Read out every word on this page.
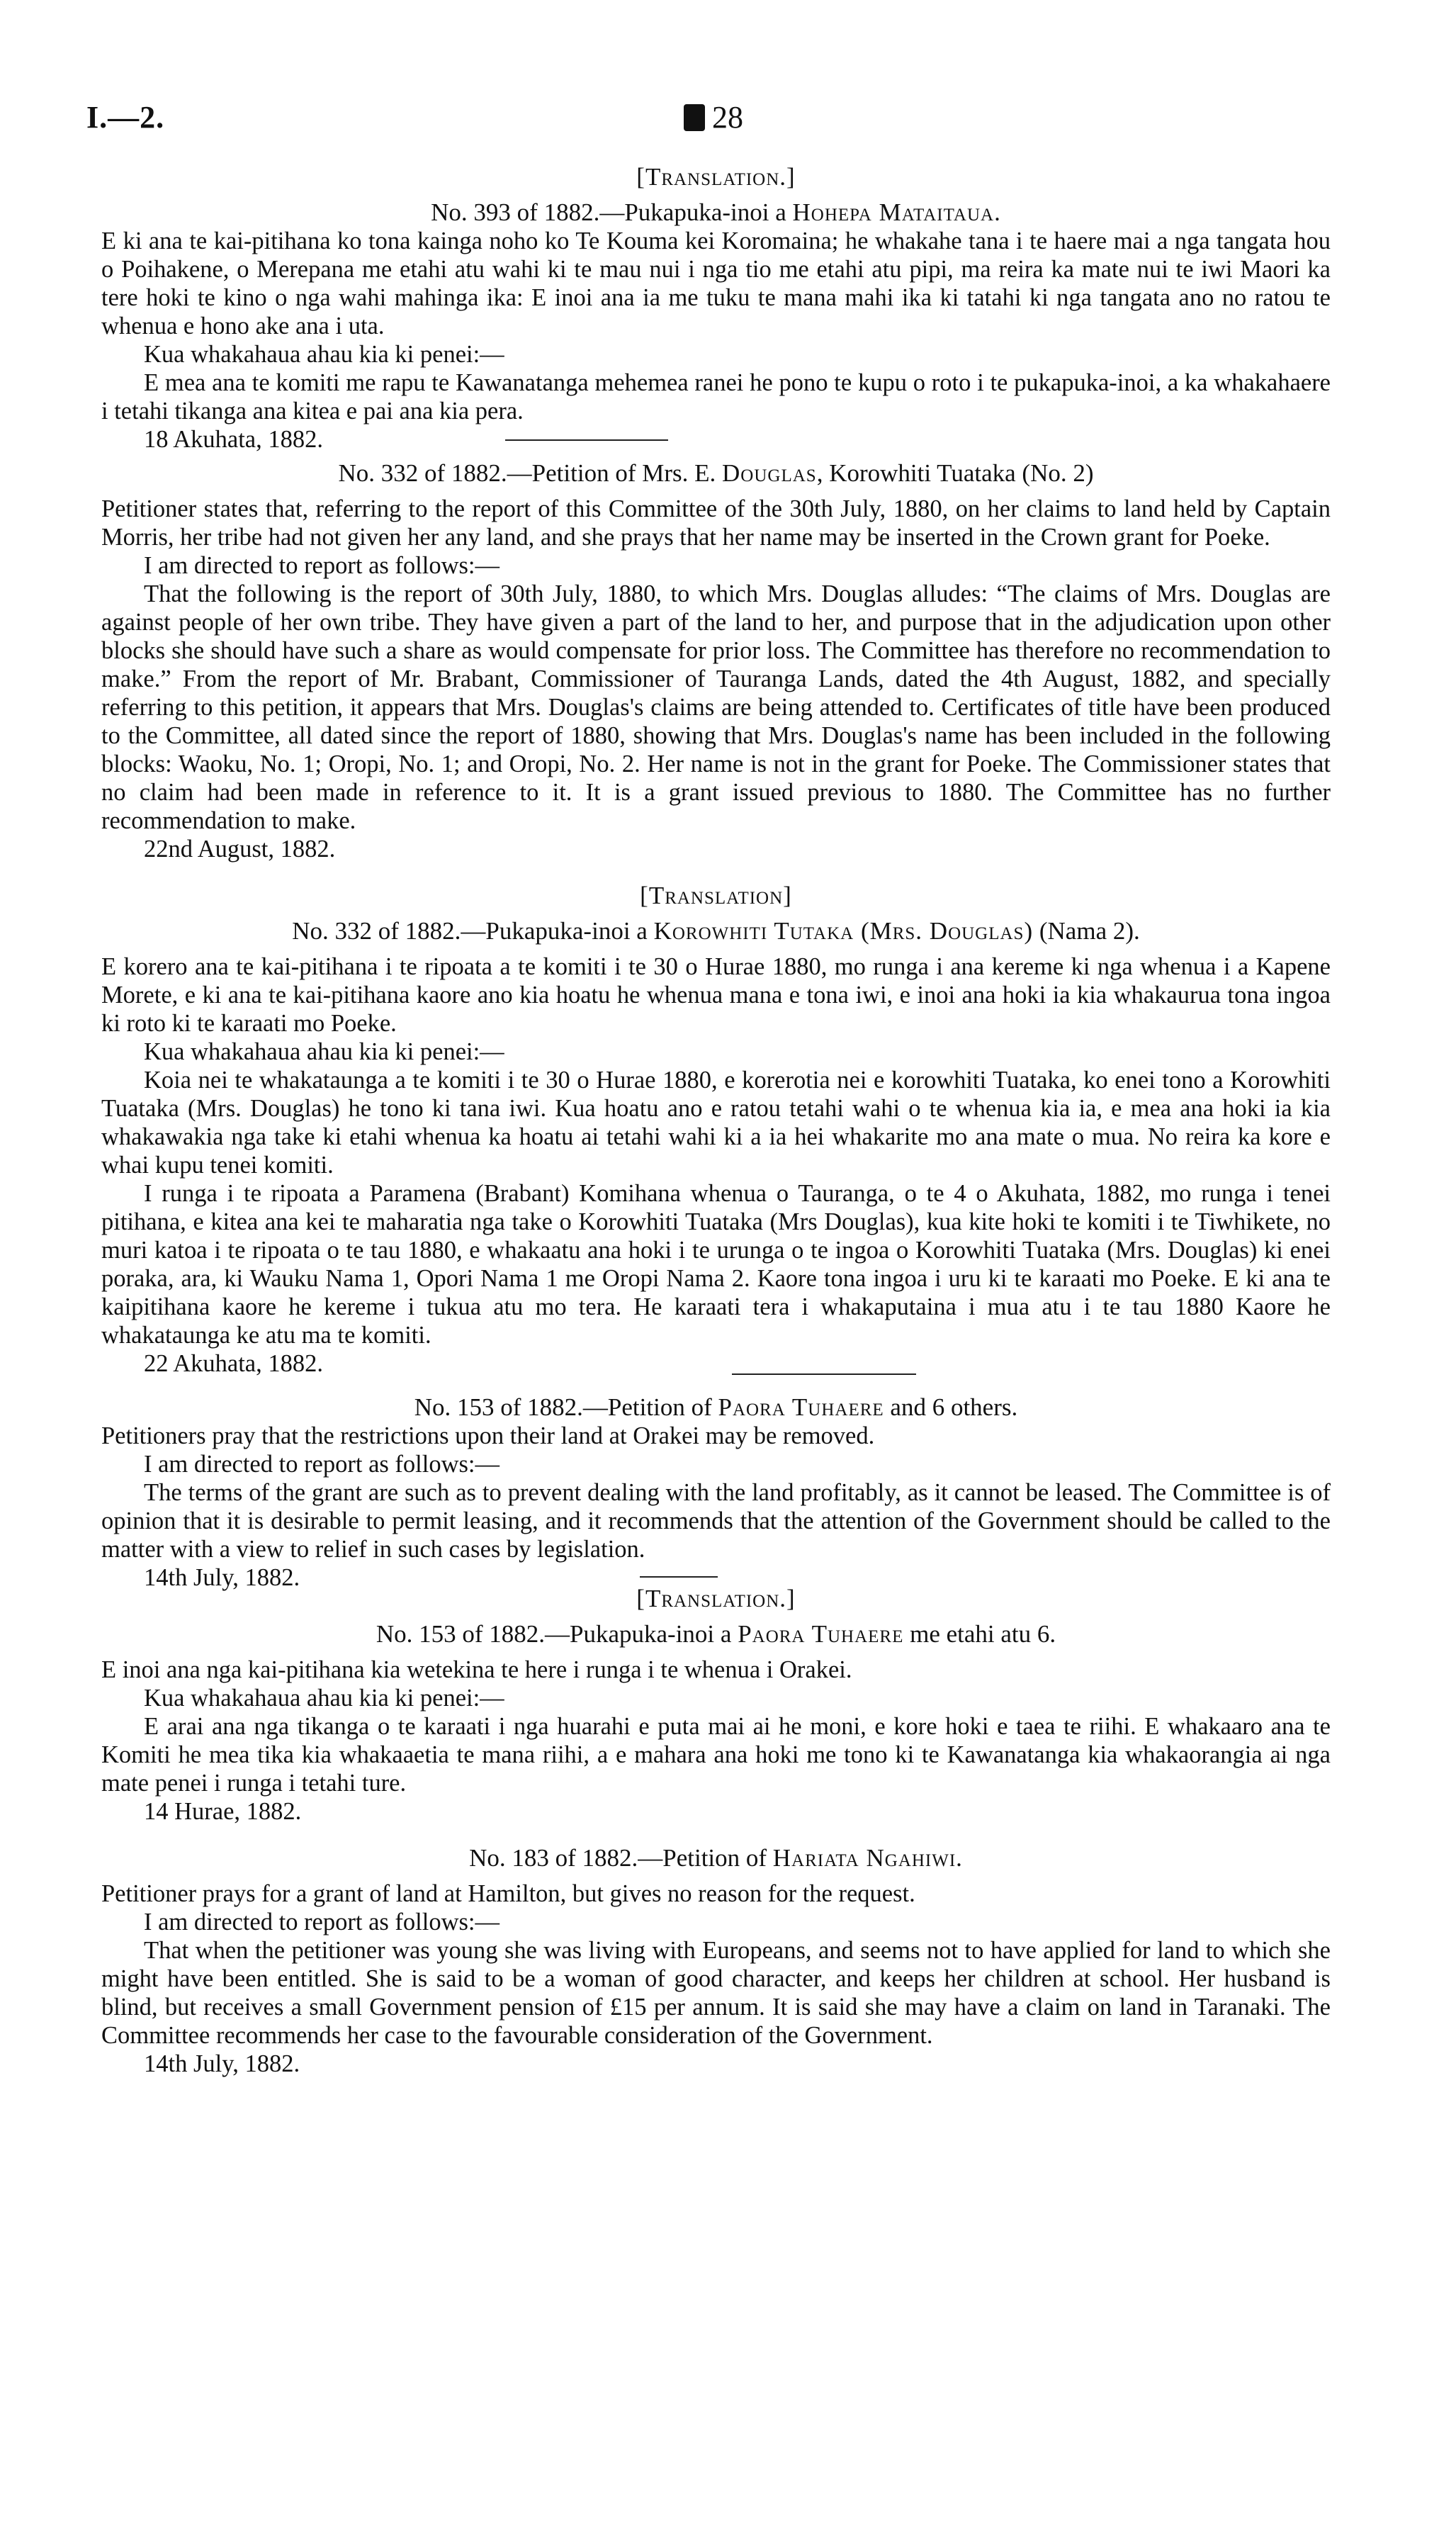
I.—2.	28

[Translation.]

No. 393 of 1882.—Pukapuka-inoi a Hohepa Mataitaua.

E ki ana te kai-pitihana ko tona kainga noho ko Te Kouma kei Koromaina; he whakahe tana i te haere mai a nga tangata hou o Poihakene, o Merepana me etahi atu wahi ki te mau nui i nga tio me etahi atu pipi, ma reira ka mate nui te iwi Maori ka tere hoki te kino o nga wahi mahinga ika: E inoi ana ia me tuku te mana mahi ika ki tatahi ki nga tangata ano no ratou te whenua e hono ake ana i uta.

Kua whakahaua ahau kia ki penei:—

E mea ana te komiti me rapu te Kawanatanga mehemea ranei he pono te kupu o roto i te pukapuka-inoi, a ka whakahaere i tetahi tikanga ana kitea e pai ana kia pera.

18 Akuhata, 1882.

No. 332 of 1882.—Petition of Mrs. E. Douglas, Korowhiti Tuataka (No. 2)

Petitioner states that, referring to the report of this Committee of the 30th July, 1880, on her claims to land held by Captain Morris, her tribe had not given her any land, and she prays that her name may be inserted in the Crown grant for Poeke.

I am directed to report as follows:—

That the following is the report of 30th July, 1880, to which Mrs. Douglas alludes: “The claims of Mrs. Douglas are against people of her own tribe. They have given a part of the land to her, and purpose that in the adjudication upon other blocks she should have such a share as would compensate for prior loss. The Committee has therefore no recommendation to make.” From the report of Mr. Brabant, Commissioner of Tauranga Lands, dated the 4th August, 1882, and specially referring to this petition, it appears that Mrs. Douglas's claims are being attended to. Certificates of title have been produced to the Committee, all dated since the report of 1880, showing that Mrs. Douglas's name has been included in the following blocks: Waoku, No. 1; Oropi, No. 1; and Oropi, No. 2. Her name is not in the grant for Poeke. The Commissioner states that no claim had been made in reference to it. It is a grant issued previous to 1880. The Committee has no further recommendation to make.

22nd August, 1882.

[Translation]

No. 332 of 1882.—Pukapuka-inoi a Korowhiti Tutaka (Mrs. Douglas) (Nama 2).

E korero ana te kai-pitihana i te ripoata a te komiti i te 30 o Hurae 1880, mo runga i ana kereme ki nga whenua i a Kapene Morete, e ki ana te kai-pitihana kaore ano kia hoatu he whenua mana e tona iwi, e inoi ana hoki ia kia whakaurua tona ingoa ki roto ki te karaati mo Poeke.

Kua whakahaua ahau kia ki penei:—

Koia nei te whakataunga a te komiti i te 30 o Hurae 1880, e korerotia nei e korowhiti Tuataka, ko enei tono a Korowhiti Tuataka (Mrs. Douglas) he tono ki tana iwi. Kua hoatu ano e ratou tetahi wahi o te whenua kia ia, e mea ana hoki ia kia whakawakia nga take ki etahi whenua ka hoatu ai tetahi wahi ki a ia hei whakarite mo ana mate o mua. No reira ka kore e whai kupu tenei komiti.

I runga i te ripoata a Paramena (Brabant) Komihana whenua o Tauranga, o te 4 o Akuhata, 1882, mo runga i tenei pitihana, e kitea ana kei te maharatia nga take o Korowhiti Tuataka (Mrs Douglas), kua kite hoki te komiti i te Tiwhikete, no muri katoa i te ripoata o te tau 1880, e whakaatu ana hoki i te urunga o te ingoa o Korowhiti Tuataka (Mrs. Douglas) ki enei poraka, ara, ki Wauku Nama 1, Opori Nama 1 me Oropi Nama 2. Kaore tona ingoa i uru ki te karaati mo Poeke. E ki ana te kaipitihana kaore he kereme i tukua atu mo tera. He karaati tera i whakaputaina i mua atu i te tau 1880 Kaore he whakataunga ke atu ma te komiti.

22 Akuhata, 1882.

No. 153 of 1882.—Petition of Paora Tuhaere and 6 others.

Petitioners pray that the restrictions upon their land at Orakei may be removed.

I am directed to report as follows:—

The terms of the grant are such as to prevent dealing with the land profitably, as it cannot be leased. The Committee is of opinion that it is desirable to permit leasing, and it recommends that the attention of the Government should be called to the matter with a view to relief in such cases by legislation.

14th July, 1882.

[Translation.]

No. 153 of 1882.—Pukapuka-inoi a Paora Tuhaere me etahi atu 6.

E inoi ana nga kai-pitihana kia wetekina te here i runga i te whenua i Orakei.

Kua whakahaua ahau kia ki penei:—

E arai ana nga tikanga o te karaati i nga huarahi e puta mai ai he moni, e kore hoki e taea te riihi. E whakaaro ana te Komiti he mea tika kia whakaaetia te mana riihi, a e mahara ana hoki me tono ki te Kawanatanga kia whakaorangia ai nga mate penei i runga i tetahi ture.

14 Hurae, 1882.

No. 183 of 1882.—Petition of Hariata Ngahiwi.

Petitioner prays for a grant of land at Hamilton, but gives no reason for the request.

I am directed to report as follows:—

That when the petitioner was young she was living with Europeans, and seems not to have applied for land to which she might have been entitled. She is said to be a woman of good character, and keeps her children at school. Her husband is blind, but receives a small Government pension of £15 per annum. It is said she may have a claim on land in Taranaki. The Committee recommends her case to the favourable consideration of the Government.

14th July, 1882.
